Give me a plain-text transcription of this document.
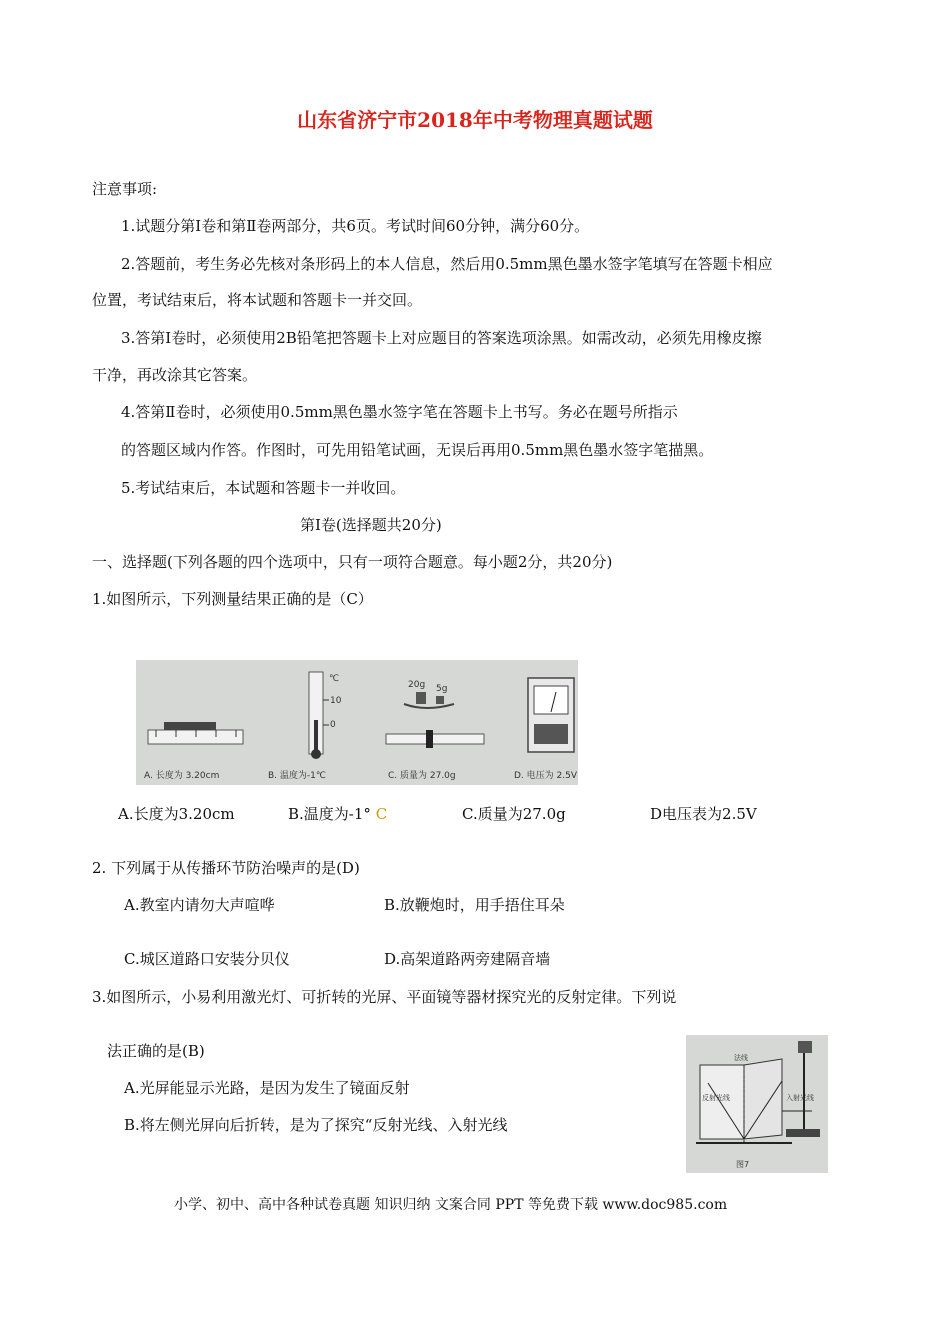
山东省济宁市2018年中考物理真题试题
注意事项:
1.试题分第Ⅰ卷和第Ⅱ卷两部分，共6页。考试时间60分钟，满分60分。
2.答题前，考生务必先核对条形码上的本人信息，然后用0.5mm黑色墨水签字笔填写在答题卡相应
位置，考试结束后，将本试题和答题卡一并交回。
3.答第Ⅰ卷时，必须使用2B铅笔把答题卡上对应题目的答案选项涂黑。如需改动，必须先用橡皮擦
干净，再改涂其它答案。
4.答第Ⅱ卷时，必须使用0.5mm黑色墨水签字笔在答题卡上书写。务必在题号所指示
的答题区域内作答。作图时，可先用铅笔试画，无误后再用0.5mm黑色墨水签字笔描黑。
5.考试结束后，本试题和答题卡一并收回。
第Ⅰ卷(选择题共20分)
一、选择题(下列各题的四个选项中，只有一项符合题意。每小题2分，共20分)
1.如图所示，下列测量结果正确的是（C）
A. 长度为 3.20cm	B. 温度为-1℃	C. 质量为 27.0g	D. 电压为 2.5V
℃
10
0
20g 5g
A.长度为3.20cm	B.温度为-1° C	C.质量为27.0g	D电压表为2.5V
2. 下列属于从传播环节防治噪声的是(D)
A.教室内请勿大声喧哗	B.放鞭炮时，用手捂住耳朵
C.城区道路口安装分贝仪	D.高架道路两旁建隔音墙
3.如图所示，小易利用激光灯、可折转的光屏、平面镜等器材探究光的反射定律。下列说
法正确的是(B)
A.光屏能显示光路，是因为发生了镜面反射
B.将左侧光屏向后折转，是为了探究“反射光线、入射光线
法线
反射光线	入射光线
图7
小学、初中、高中各种试卷真题 知识归纳 文案合同 PPT 等免费下载 www.doc985.com
